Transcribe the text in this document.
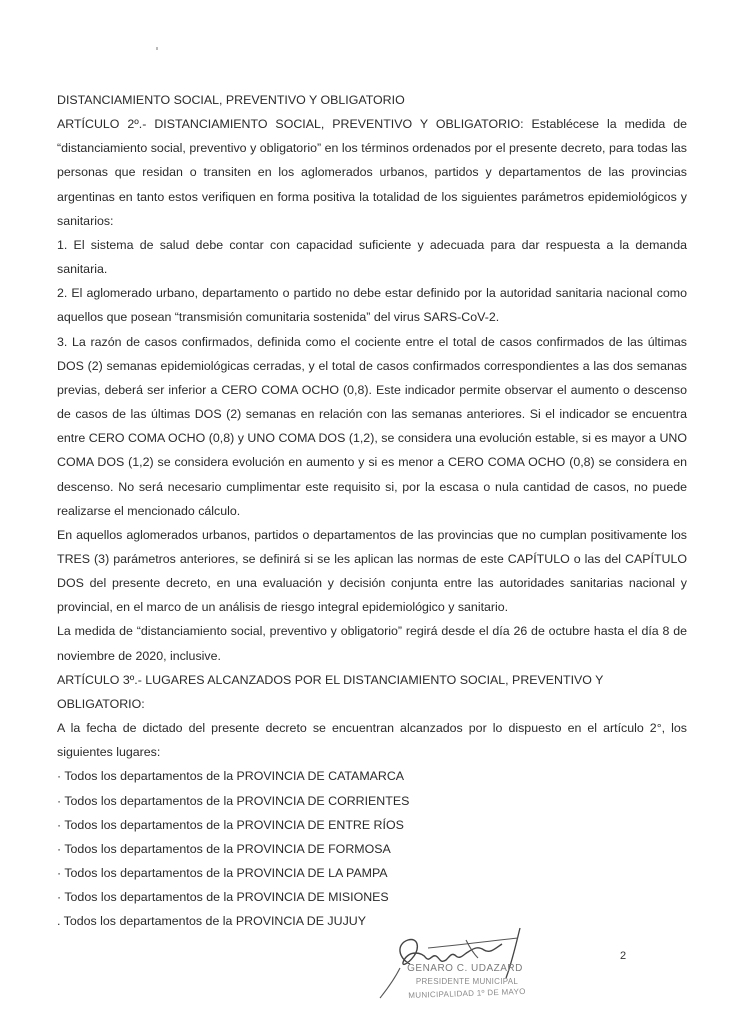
DISTANCIAMIENTO SOCIAL, PREVENTIVO Y OBLIGATORIO

ARTÍCULO 2º.- DISTANCIAMIENTO SOCIAL, PREVENTIVO Y OBLIGATORIO: Establécese la medida de “distanciamiento social, preventivo y obligatorio” en los términos ordenados por el presente decreto, para todas las personas que residan o transiten en los aglomerados urbanos, partidos y departamentos de las provincias argentinas en tanto estos verifiquen en forma positiva la totalidad de los siguientes parámetros epidemiológicos y sanitarios:

1. El sistema de salud debe contar con capacidad suficiente y adecuada para dar respuesta a la demanda sanitaria.

2. El aglomerado urbano, departamento o partido no debe estar definido por la autoridad sanitaria nacional como aquellos que posean “transmisión comunitaria sostenida” del virus SARS-CoV-2.

3. La razón de casos confirmados, definida como el cociente entre el total de casos confirmados de las últimas DOS (2) semanas epidemiológicas cerradas, y el total de casos confirmados correspondientes a las dos semanas previas, deberá ser inferior a CERO COMA OCHO (0,8). Este indicador permite observar el aumento o descenso de casos de las últimas DOS (2) semanas en relación con las semanas anteriores. Si el indicador se encuentra entre CERO COMA OCHO (0,8) y UNO COMA DOS (1,2), se considera una evolución estable, si es mayor a UNO COMA DOS (1,2) se considera evolución en aumento y si es menor a CERO COMA OCHO (0,8) se considera en descenso. No será necesario cumplimentar este requisito si, por la escasa o nula cantidad de casos, no puede realizarse el mencionado cálculo.

En aquellos aglomerados urbanos, partidos o departamentos de las provincias que no cumplan positivamente los TRES (3) parámetros anteriores, se definirá si se les aplican las normas de este CAPÍTULO o las del CAPÍTULO DOS del presente decreto, en una evaluación y decisión conjunta entre las autoridades sanitarias nacional y provincial, en el marco de un análisis de riesgo integral epidemiológico y sanitario.

La medida de “distanciamiento social, preventivo y obligatorio” regirá desde el día 26 de octubre hasta el día 8 de noviembre de 2020, inclusive.

ARTÍCULO 3º.- LUGARES ALCANZADOS POR EL DISTANCIAMIENTO SOCIAL, PREVENTIVO Y OBLIGATORIO:

A la fecha de dictado del presente decreto se encuentran alcanzados por lo dispuesto en el artículo 2°, los siguientes lugares:

· Todos los departamentos de la PROVINCIA DE CATAMARCA

· Todos los departamentos de la PROVINCIA DE CORRIENTES

· Todos los departamentos de la PROVINCIA DE ENTRE RÍOS

· Todos los departamentos de la PROVINCIA DE FORMOSA

· Todos los departamentos de la PROVINCIA DE LA PAMPA

· Todos los departamentos de la PROVINCIA DE MISIONES

. Todos los departamentos de la PROVINCIA DE JUJUY

GENARO C. UDAZARD
PRESIDENTE MUNICIPAL
MUNICIPALIDAD 1º DE MAYO
2
